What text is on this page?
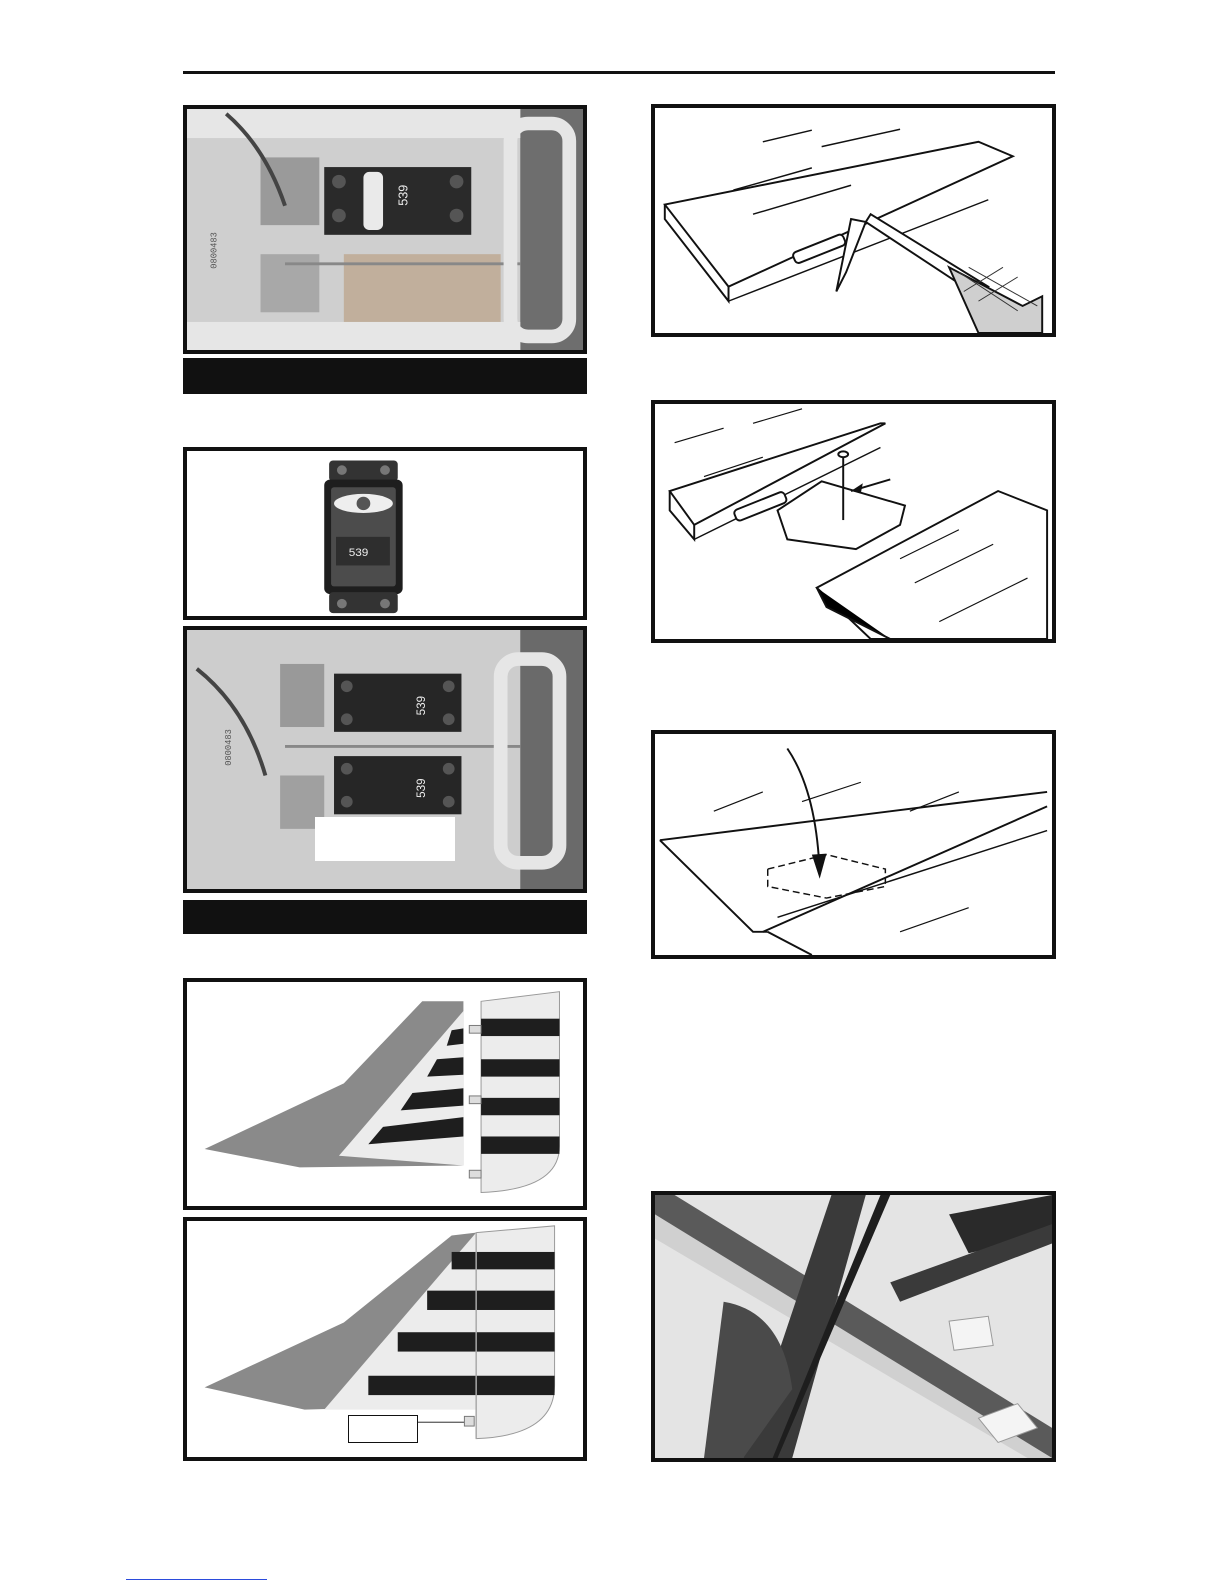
539
0800483
539
539
539
0800483
